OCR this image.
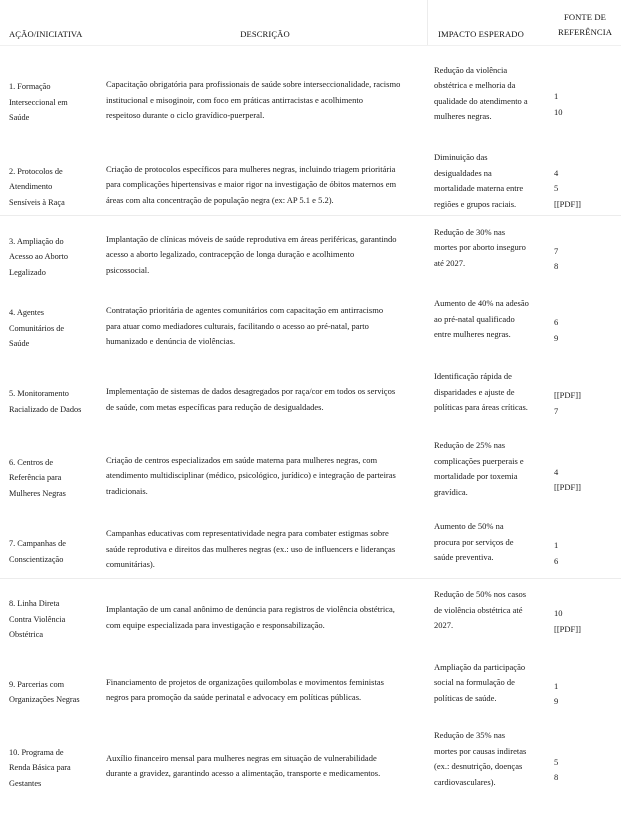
AÇÃO/INICIATIVA	DESCRIÇÃO	IMPACTO ESPERADO
FONTE DE
REFERÊNCIA
1. Formação
Interseccional em
Saúde
Capacitação obrigatória para profissionais de saúde sobre interseccionalidade, racismo
institucional e misoginoir, com foco em práticas antirracistas e acolhimento
respeitoso durante o ciclo gravídico-puerperal.
Redução da violência
obstétrica e melhoria da
qualidade do atendimento a
mulheres negras.
1
10
2. Protocolos de
Atendimento
Sensíveis à Raça
Criação de protocolos específicos para mulheres negras, incluindo triagem prioritária
para complicações hipertensivas e maior rigor na investigação de óbitos maternos em
áreas com alta concentração de população negra (ex: AP 5.1 e 5.2).
Diminuição das
desigualdades na
mortalidade materna entre
regiões e grupos raciais.
4
5
[[PDF]]
3. Ampliação do
Acesso ao Aborto
Legalizado
Implantação de clínicas móveis de saúde reprodutiva em áreas periféricas, garantindo
acesso a aborto legalizado, contracepção de longa duração e acolhimento
psicossocial.
Redução de 30% nas
mortes por aborto inseguro
até 2027.
7
8
4. Agentes
Comunitários de
Saúde
Contratação prioritária de agentes comunitários com capacitação em antirracismo
para atuar como mediadores culturais, facilitando o acesso ao pré-natal, parto
humanizado e denúncia de violências.
Aumento de 40% na adesão
ao pré-natal qualificado
entre mulheres negras.
6
9
5. Monitoramento
Racializado de Dados
Implementação de sistemas de dados desagregados por raça/cor em todos os serviços
de saúde, com metas específicas para redução de desigualdades.
Identificação rápida de
disparidades e ajuste de
políticas para áreas críticas.
[[PDF]]
7
6. Centros de
Referência para
Mulheres Negras
Criação de centros especializados em saúde materna para mulheres negras, com
atendimento multidisciplinar (médico, psicológico, jurídico) e integração de parteiras
tradicionais.
Redução de 25% nas
complicações puerperais e
mortalidade por toxemia
gravídica.
4
[[PDF]]
7. Campanhas de
Conscientização
Campanhas educativas com representatividade negra para combater estigmas sobre
saúde reprodutiva e direitos das mulheres negras (ex.: uso de influencers e lideranças
comunitárias).
Aumento de 50% na
procura por serviços de
saúde preventiva.
1
6
8. Linha Direta
Contra Violência
Obstétrica
Implantação de um canal anônimo de denúncia para registros de violência obstétrica,
com equipe especializada para investigação e responsabilização.
Redução de 50% nos casos
de violência obstétrica até
2027.
10
[[PDF]]
9. Parcerias com
Organizações Negras
Financiamento de projetos de organizações quilombolas e movimentos feministas
negros para promoção da saúde perinatal e advocacy em políticas públicas.
Ampliação da participação
social na formulação de
políticas de saúde.
1
9
10. Programa de
Renda Básica para
Gestantes
Auxílio financeiro mensal para mulheres negras em situação de vulnerabilidade
durante a gravidez, garantindo acesso a alimentação, transporte e medicamentos.
Redução de 35% nas
mortes por causas indiretas
(ex.: desnutrição, doenças
cardiovasculares).
5
8
